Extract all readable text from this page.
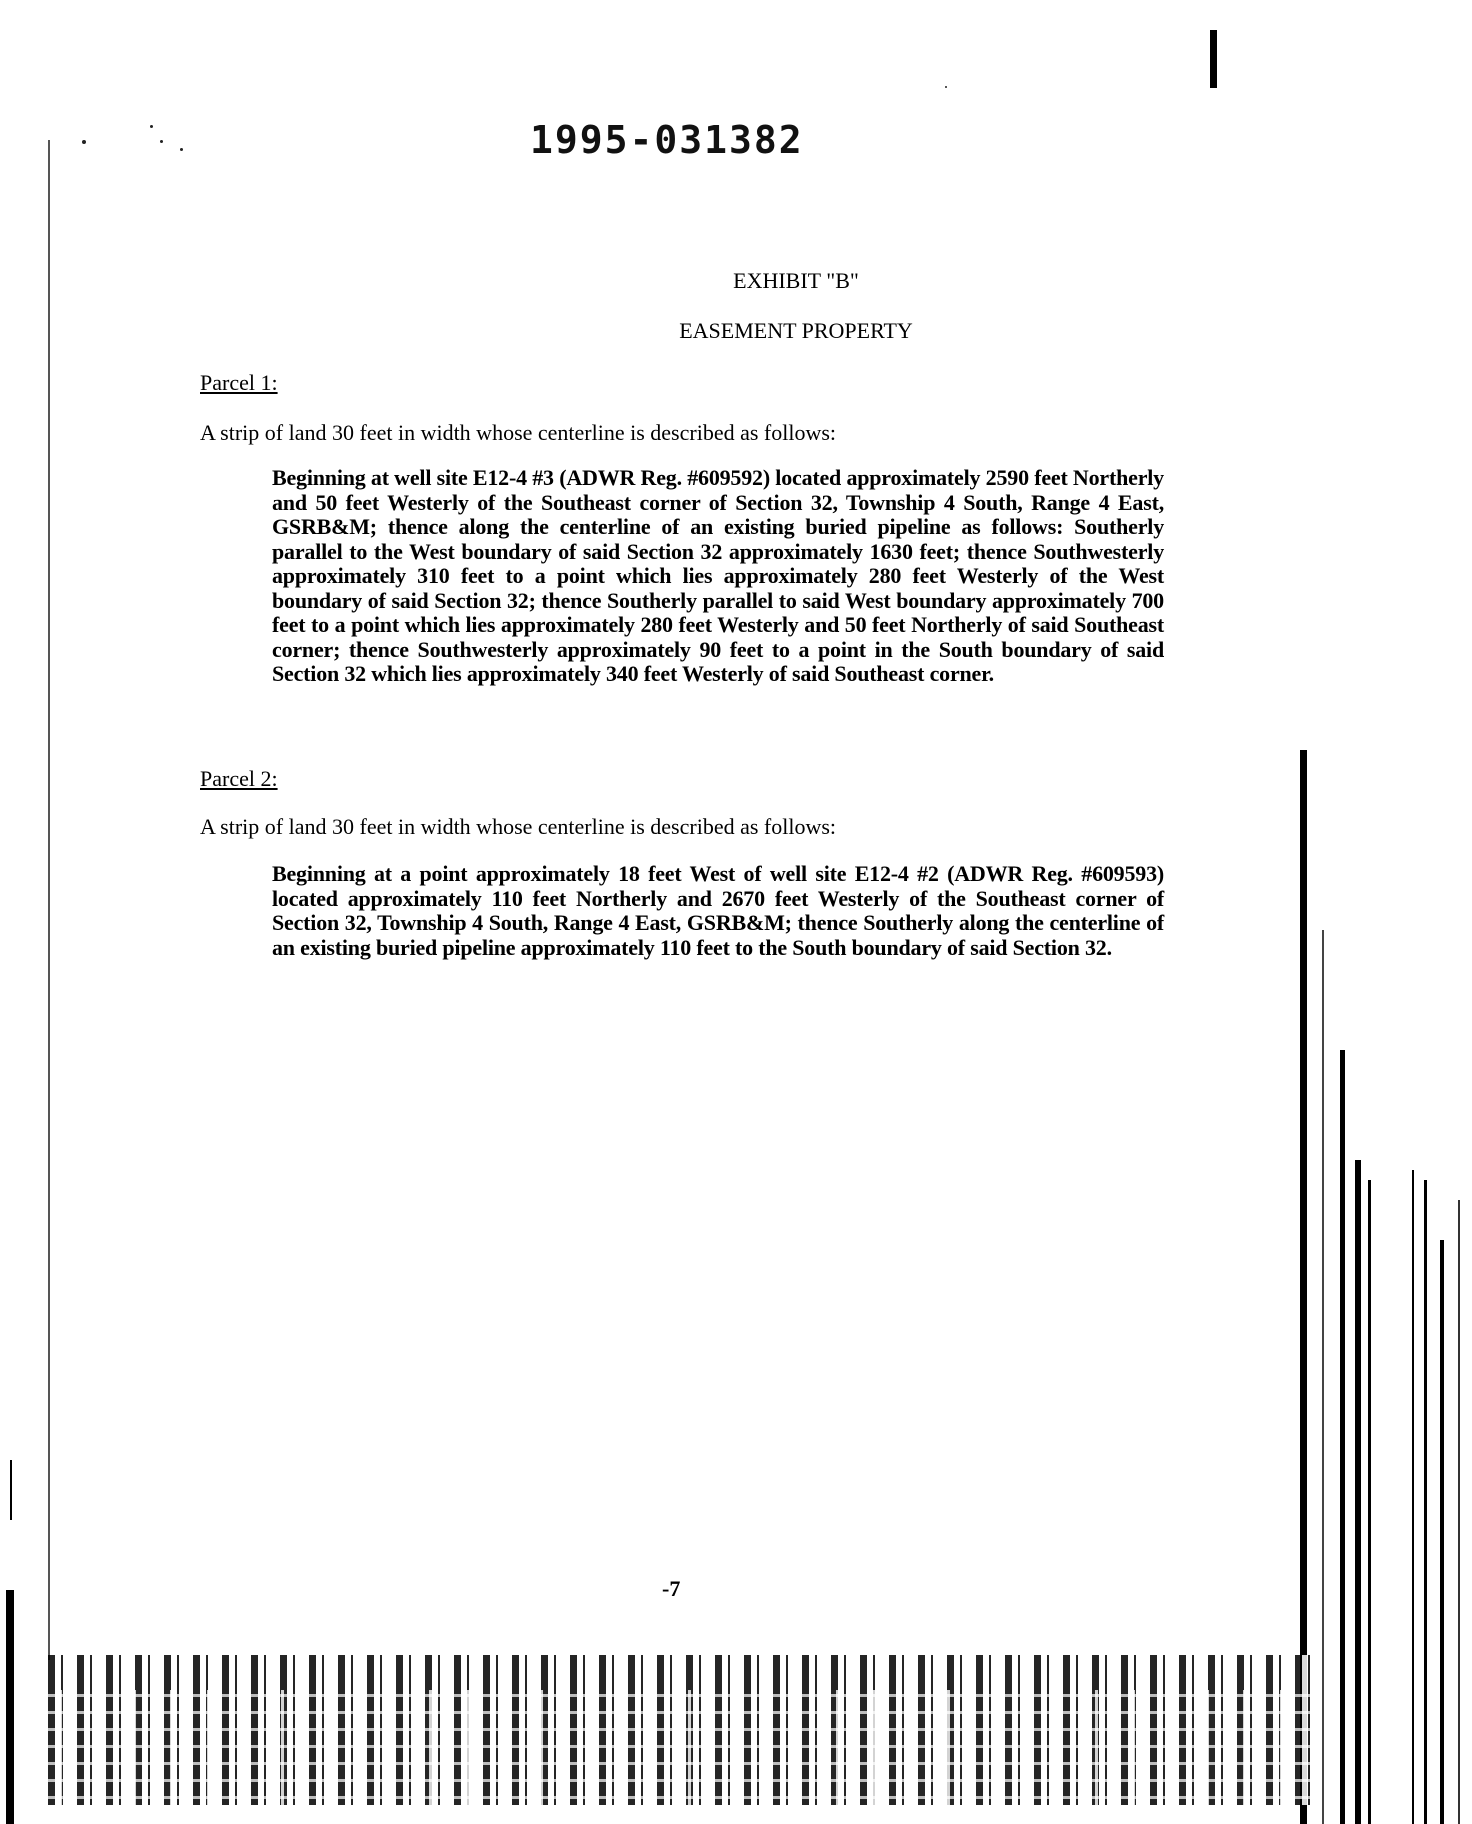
1995-031382
EXHIBIT "B"
EASEMENT PROPERTY
Parcel 1:
A strip of land 30 feet in width whose centerline is described as follows:
Beginning at well site E12-4 #3 (ADWR Reg. #609592) located approximately 2590 feet Northerly and 50 feet Westerly of the Southeast corner of Section 32, Township 4 South, Range 4 East, GSRB&M; thence along the centerline of an existing buried pipeline as follows: Southerly parallel to the West boundary of said Section 32 approximately 1630 feet; thence Southwesterly approximately 310 feet to a point which lies approximately 280 feet Westerly of the West boundary of said Section 32; thence Southerly parallel to said West boundary approximately 700 feet to a point which lies approximately 280 feet Westerly and 50 feet Northerly of said Southeast corner; thence Southwesterly approximately 90 feet to a point in the South boundary of said Section 32 which lies approximately 340 feet Westerly of said Southeast corner.
Parcel 2:
A strip of land 30 feet in width whose centerline is described as follows:
Beginning at a point approximately 18 feet West of well site E12-4 #2 (ADWR Reg. #609593) located approximately 110 feet Northerly and 2670 feet Westerly of the Southeast corner of Section 32, Township 4 South, Range 4 East, GSRB&M; thence Southerly along the centerline of an existing buried pipeline approximately 110 feet to the South boundary of said Section 32.
-7
